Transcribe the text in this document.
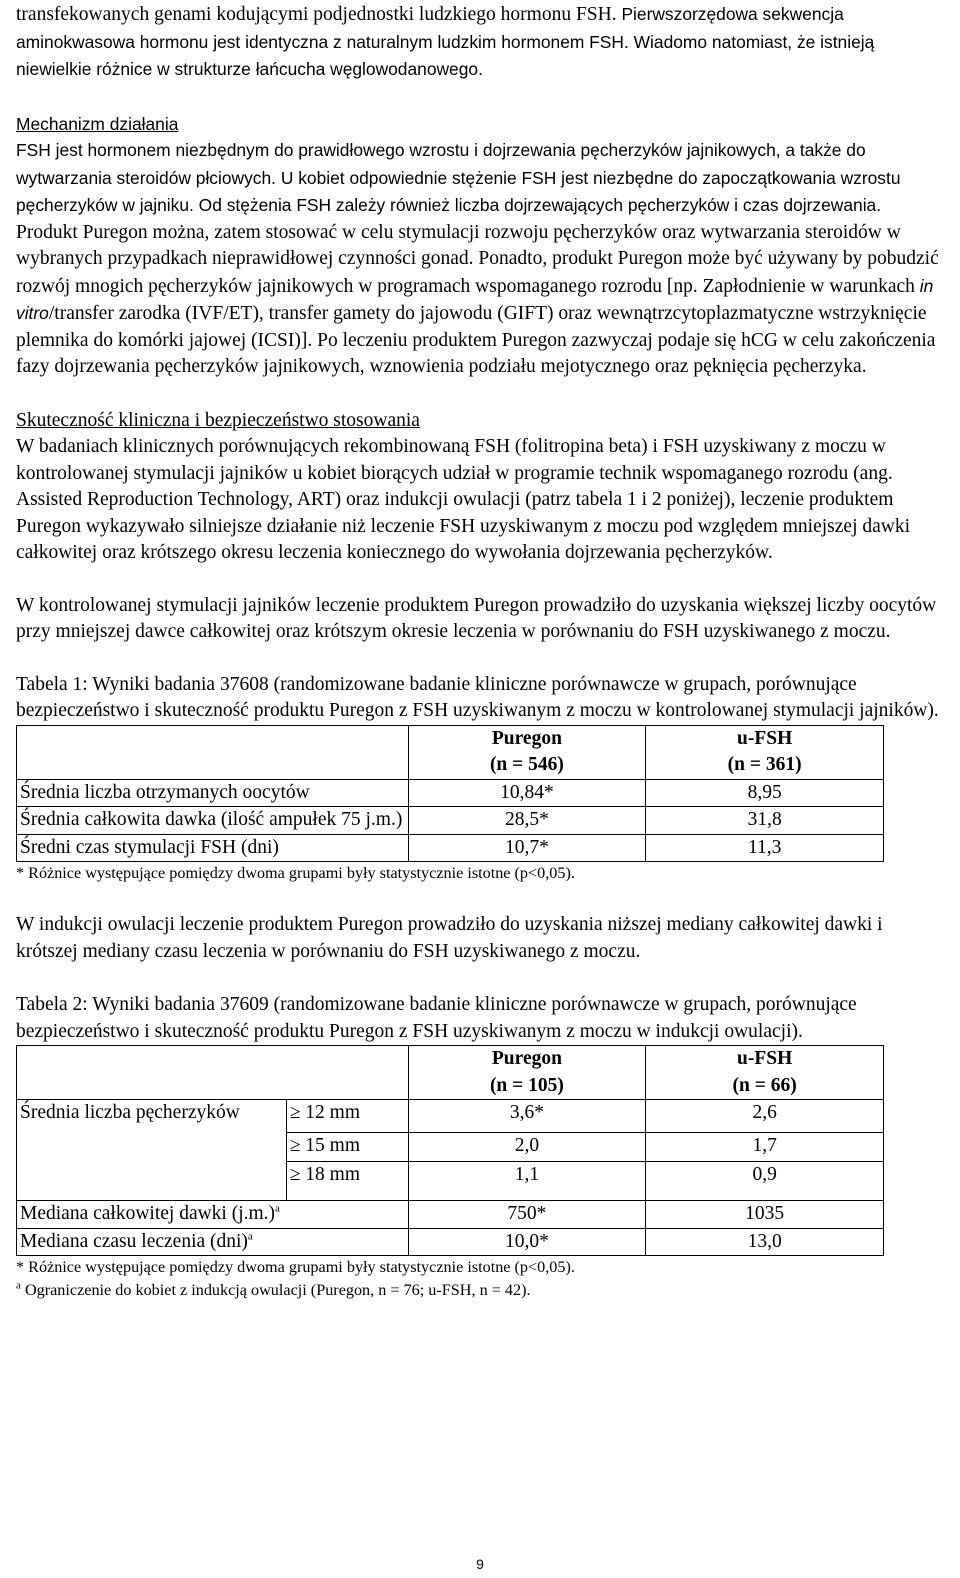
transfekowanych genami kodującymi podjednostki ludzkiego hormonu FSH. Pierwszorzędowa sekwencja aminokwasowa hormonu jest identyczna z naturalnym ludzkim hormonem FSH. Wiadomo natomiast, że istnieją niewielkie różnice w strukturze łańcucha węglowodanowego.

Mechanizm działania

FSH jest hormonem niezbędnym do prawidłowego wzrostu i dojrzewania pęcherzyków jajnikowych, a także do wytwarzania steroidów płciowych. U kobiet odpowiednie stężenie FSH jest niezbędne do zapoczątkowania wzrostu pęcherzyków w jajniku. Od stężenia FSH zależy również liczba dojrzewających pęcherzyków i czas dojrzewania. Produkt Puregon można, zatem stosować w celu stymulacji rozwoju pęcherzyków oraz wytwarzania steroidów w wybranych przypadkach nieprawidłowej czynności gonad. Ponadto, produkt Puregon może być używany by pobudzić rozwój mnogich pęcherzyków jajnikowych w programach wspomaganego rozrodu [np. Zapłodnienie w warunkach in vitro/transfer zarodka (IVF/ET), transfer gamety do jajowodu (GIFT) oraz wewnątrzcytoplazmatyczne wstrzyknięcie plemnika do komórki jajowej (ICSI)]. Po leczeniu produktem Puregon zazwyczaj podaje się hCG w celu zakończenia fazy dojrzewania pęcherzyków jajnikowych, wznowienia podziału mejotycznego oraz pęknięcia pęcherzyka.

Skuteczność kliniczna i bezpieczeństwo stosowania

W badaniach klinicznych porównujących rekombinowaną FSH (folitropina beta) i FSH uzyskiwany z moczu w kontrolowanej stymulacji jajników u kobiet biorących udział w programie technik wspomaganego rozrodu (ang. Assisted Reproduction Technology, ART) oraz indukcji owulacji (patrz tabela 1 i 2 poniżej), leczenie produktem Puregon wykazywało silniejsze działanie niż leczenie FSH uzyskiwanym z moczu pod względem mniejszej dawki całkowitej oraz krótszego okresu leczenia koniecznego do wywołania dojrzewania pęcherzyków.

W kontrolowanej stymulacji jajników leczenie produktem Puregon prowadziło do uzyskania większej liczby oocytów przy mniejszej dawce całkowitej oraz krótszym okresie leczenia w porównaniu do FSH uzyskiwanego z moczu.

Tabela 1: Wyniki badania 37608 (randomizowane badanie kliniczne porównawcze w grupach, porównujące bezpieczeństwo i skuteczność produktu Puregon z FSH uzyskiwanym z moczu w kontrolowanej stymulacji jajników).

	Puregon
(n = 546)	u-FSH
(n = 361)
Średnia liczba otrzymanych oocytów	10,84*	8,95
Średnia całkowita dawka (ilość ampułek 75 j.m.)	28,5*	31,8
Średni czas stymulacji FSH (dni)	10,7*	11,3

* Różnice występujące pomiędzy dwoma grupami były statystycznie istotne (p<0,05).

W indukcji owulacji leczenie produktem Puregon prowadziło do uzyskania niższej mediany całkowitej dawki i krótszej mediany czasu leczenia w porównaniu do FSH uzyskiwanego z moczu.

Tabela 2: Wyniki badania 37609 (randomizowane badanie kliniczne porównawcze w grupach, porównujące bezpieczeństwo i skuteczność produktu Puregon z FSH uzyskiwanym z moczu w indukcji owulacji).

		Puregon
(n = 105)	u-FSH
(n = 66)
Średnia liczba pęcherzyków	≥ 12 mm	3,6*	2,6
	≥ 15 mm	2,0	1,7
	≥ 18 mm	1,1	0,9
Mediana całkowitej dawki $(j.m.)^a$		750*	1035
Mediana czasu leczenia (dni)$^a$		10,0*	13,0

* Różnice występujące pomiędzy dwoma grupami były statystycznie istotne (p<0,05).

$^a$ Ograniczenie do kobiet z indukcją owulacji (Puregon, n = 76; u-FSH, n = 42).

9
